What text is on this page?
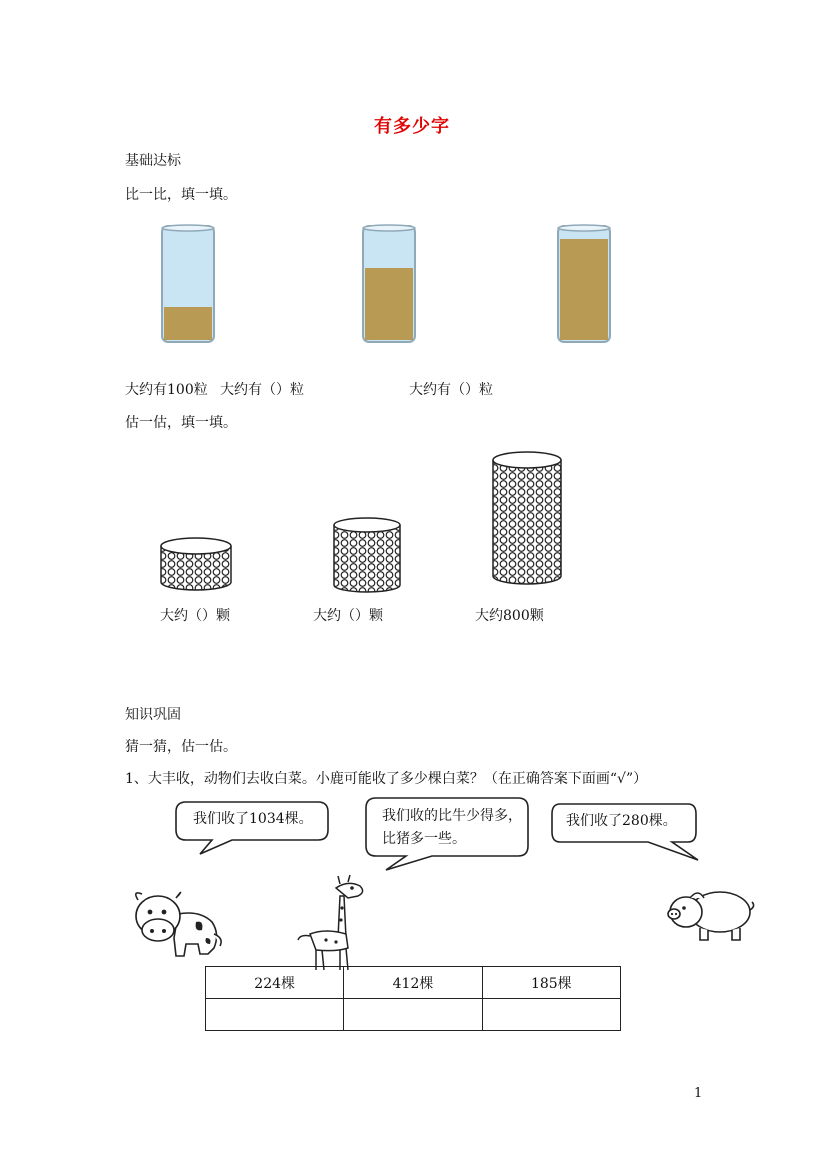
有多少字
基础达标
比一比，填一填。
大约有100粒 大约有（）粒	大约有（）粒
估一估，填一填。
大约（）颗	大约（）颗	大约800颗
知识巩固
猜一猜，估一估。
1、大丰收，动物们去收白菜。小鹿可能收了多少棵白菜？（在正确答案下面画“√”）
我们收了1034棵。	我们收的比牛少得多，
比猪多一些。
我们收了280棵。
224棵	412棵	185棵

1
